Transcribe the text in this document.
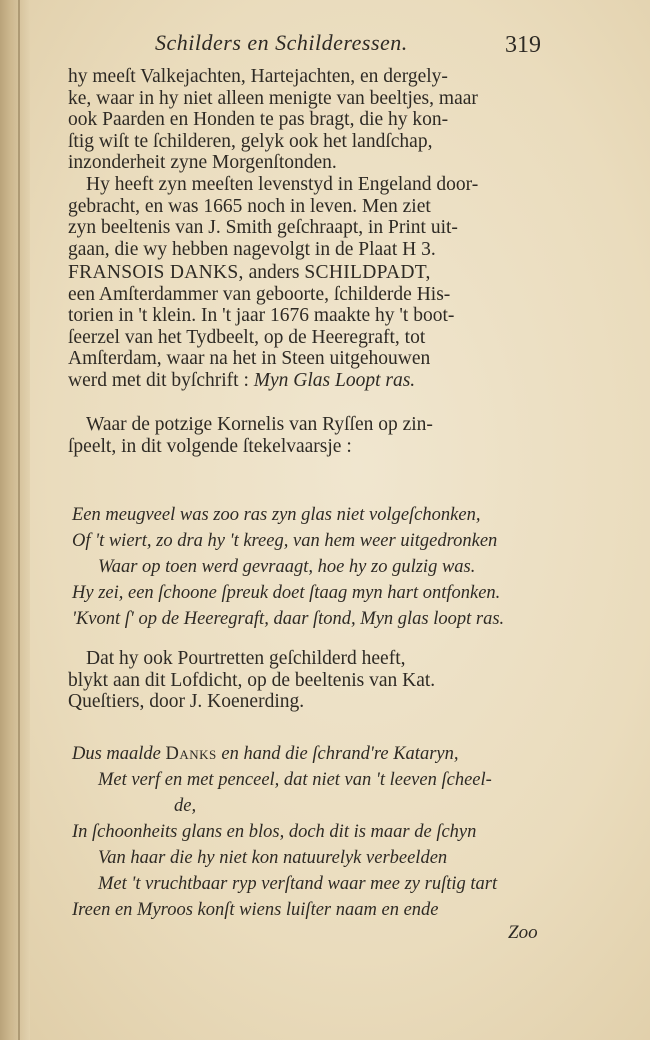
Schilders en Schilderessen.	319
hy meeſt Valkejachten, Hartejachten, en dergely-
ke, waar in hy niet alleen menigte van beeltjes, maar
ook Paarden en Honden te pas bragt, die hy kon-
ſtig wiſt te ſchilderen, gelyk ook het landſchap,
inzonderheit zyne Morgenſtonden.
Hy heeft zyn meeſten levenstyd in Engeland door-
gebracht, en was 1665 noch in leven. Men ziet
zyn beeltenis van J. Smith geſchraapt, in Print uit-
gaan, die wy hebben nagevolgt in de Plaat H 3.
FRANSOIS DANKS, anders SCHILDPADT,
een Amſterdammer van geboorte, ſchilderde His-
torien in 't klein. In 't jaar 1676 maakte hy 't boot-
ſeerzel van het Tydbeelt, op de Heeregraft, tot
Amſterdam, waar na het in Steen uitgehouwen
werd met dit byſchrift : Myn Glas Loopt ras.
Waar de potzige Kornelis van Ryſſen op zin-
ſpeelt, in dit volgende ſtekelvaarsje :
Een meugveel was zoo ras zyn glas niet volgeſchonken,
Of 't wiert, zo dra hy 't kreeg, van hem weer uitgedronken
Waar op toen werd gevraagt, hoe hy zo gulzig was.
Hy zei, een ſchoone ſpreuk doet ſtaag myn hart ontfonken.
'Kvont ſ' op de Heeregraft, daar ſtond, Myn glas loopt ras.
Dat hy ook Pourtretten geſchilderd heeft,
blykt aan dit Lofdicht, op de beeltenis van Kat.
Queſtiers, door J. Koenerding.
Dus maalde Danks en hand die ſchrand're Kataryn,
Met verf en met penceel, dat niet van 't leeven ſcheel-
de,
In ſchoonheits glans en blos, doch dit is maar de ſchyn
Van haar die hy niet kon natuurelyk verbeelden
Met 't vruchtbaar ryp verſtand waar mee zy ruſtig tart
Ireen en Myroos konſt wiens luiſter naam en ende
Zoo
